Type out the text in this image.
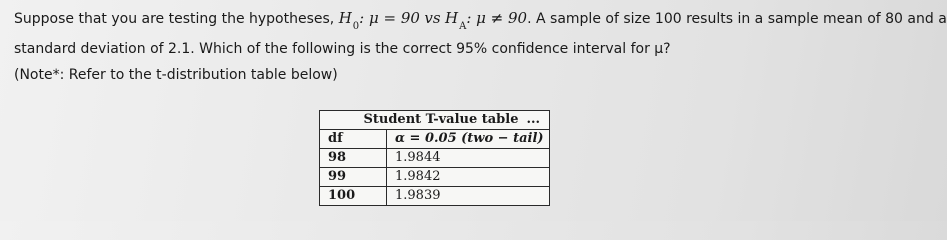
Suppose that you are testing the hypotheses, $H_0$: μ = 90 vs $H_A$: μ ≠ 90. A sample of size 100 results in a sample mean of 80 and a
standard deviation of 2.1. Which of the following is the correct 95% confidence interval for μ?
(Note*: Refer to the t-distribution table below)
Student T-value table ...	
df	α = 0.05 (two − tail)
98	1.9844
99	1.9842
100	1.9839
